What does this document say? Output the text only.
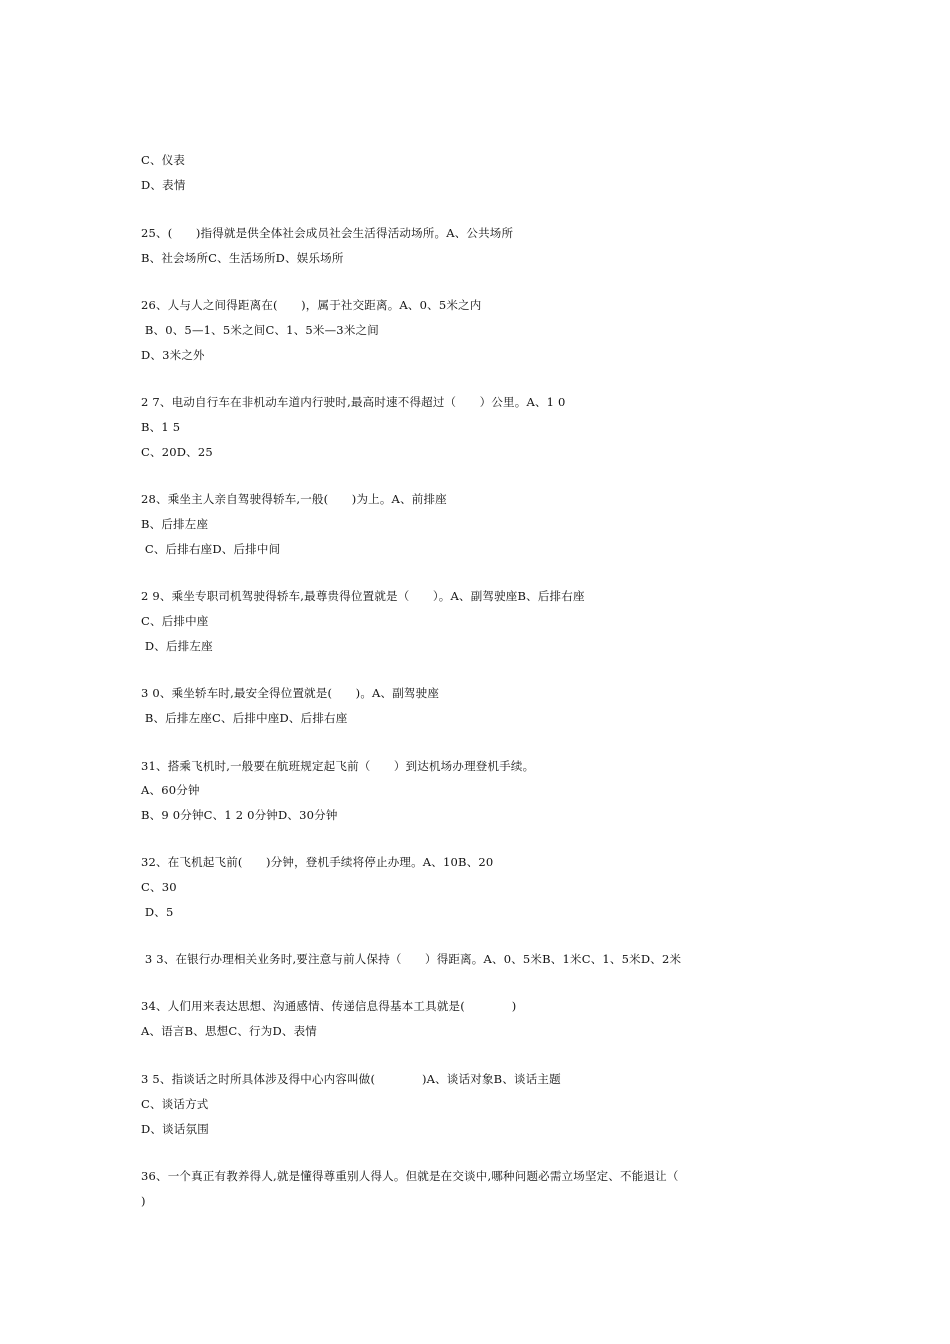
C、仪表
D、表情
25、(　　)指得就是供全体社会成员社会生活得活动场所。A、公共场所
B、社会场所C、生活场所D、娱乐场所
26、人与人之间得距离在(　　)，属于社交距离。A、0、5米之内
B、0、5—1、5米之间C、1、5米—3米之间
D、3米之外
2 7、电动自行车在非机动车道内行驶时,最高时速不得超过（　　）公里。A、1 0
B、1 5
C、20D、25
28、乘坐主人亲自驾驶得轿车,一般(　　)为上。A、前排座
B、后排左座
C、后排右座D、后排中间
2 9、乘坐专职司机驾驶得轿车,最尊贵得位置就是（　　）。A、副驾驶座B、后排右座
C、后排中座
D、后排左座
3 0、乘坐轿车时,最安全得位置就是(　　)。A、副驾驶座
B、后排左座C、后排中座D、后排右座
31、搭乘飞机时,一般要在航班规定起飞前（　　）到达机场办理登机手续。
A、60分钟
B、9 0分钟C、1 2 0分钟D、30分钟
32、在飞机起飞前(　　)分钟，登机手续将停止办理。A、10B、20
C、30
D、5
3 3、在银行办理相关业务时,要注意与前人保持（　　）得距离。A、0、5米B、1米C、1、5米D、2米
34、人们用来表达思想、沟通感情、传递信息得基本工具就是(　　　　)
A、语言B、思想C、行为D、表情
3 5、指谈话之时所具体涉及得中心内容叫做(　　　　)A、谈话对象B、谈话主题
C、谈话方式
D、谈话氛围
36、一个真正有教养得人,就是懂得尊重别人得人。但就是在交谈中,哪种问题必需立场坚定、不能退让（
)
